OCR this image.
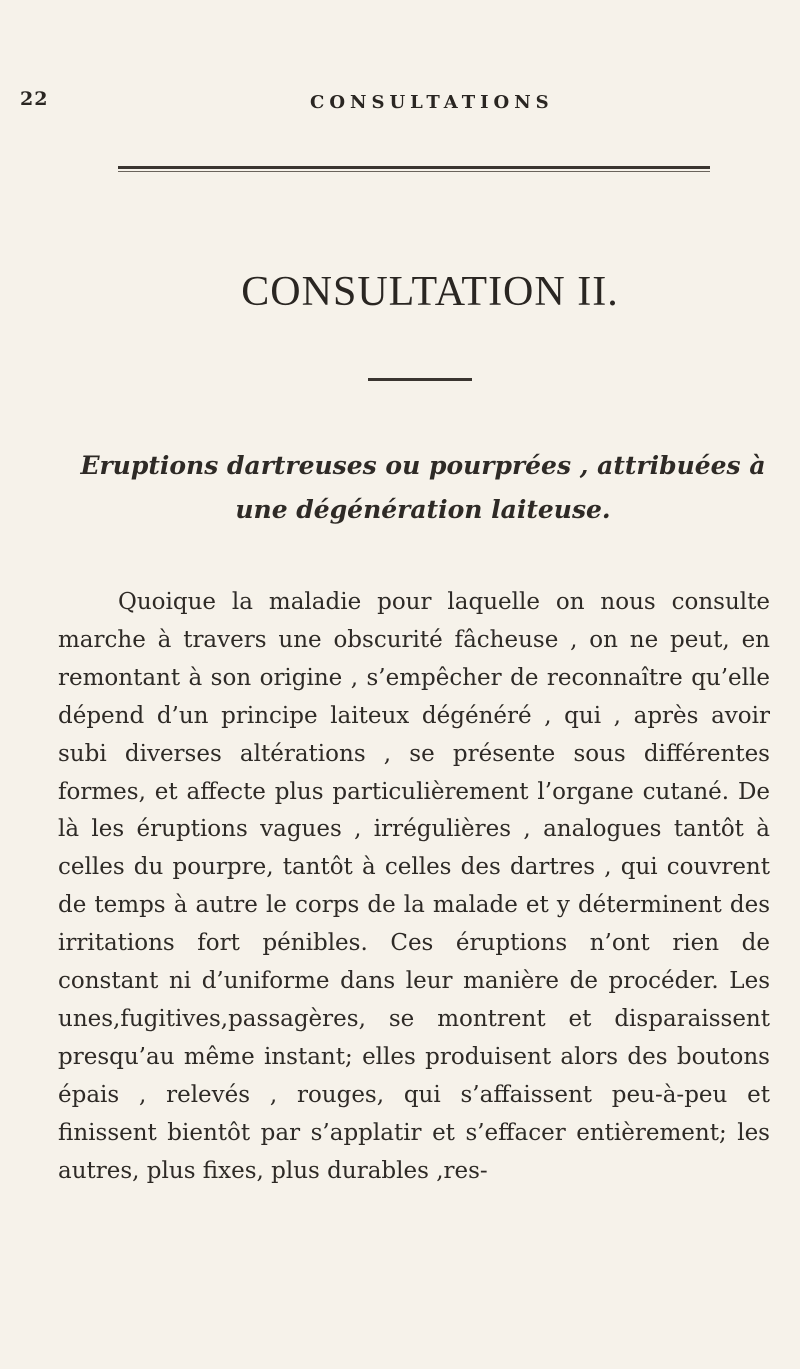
22	CONSULTATIONS
CONSULTATION II.
Eruptions dartreuses ou pourprées , attribuées à une dégénération laiteuse.

Quoique la maladie pour laquelle on nous consulte marche à travers une obscurité fâcheuse , on ne peut, en remontant à son origine , s’empêcher de reconnaître qu’elle dépend d’un principe laiteux dégénéré , qui , après avoir subi diverses altérations , se présente sous différentes formes, et affecte plus particulièrement l’organe cutané. De là les éruptions vagues , irrégulières , analogues tantôt à celles du pourpre, tantôt à celles des dartres , qui couvrent de temps à autre le corps de la malade et y déterminent des irritations fort pénibles. Ces éruptions n’ont rien de constant ni d’uniforme dans leur manière de procéder. Les unes,fugitives,passagères, se montrent et disparaissent presqu’au même instant; elles produisent alors des boutons épais , relevés , rouges, qui s’affaissent peu-à-peu et finissent bientôt par s’applatir et s’effacer entièrement; les autres, plus fixes, plus durables ,res-
